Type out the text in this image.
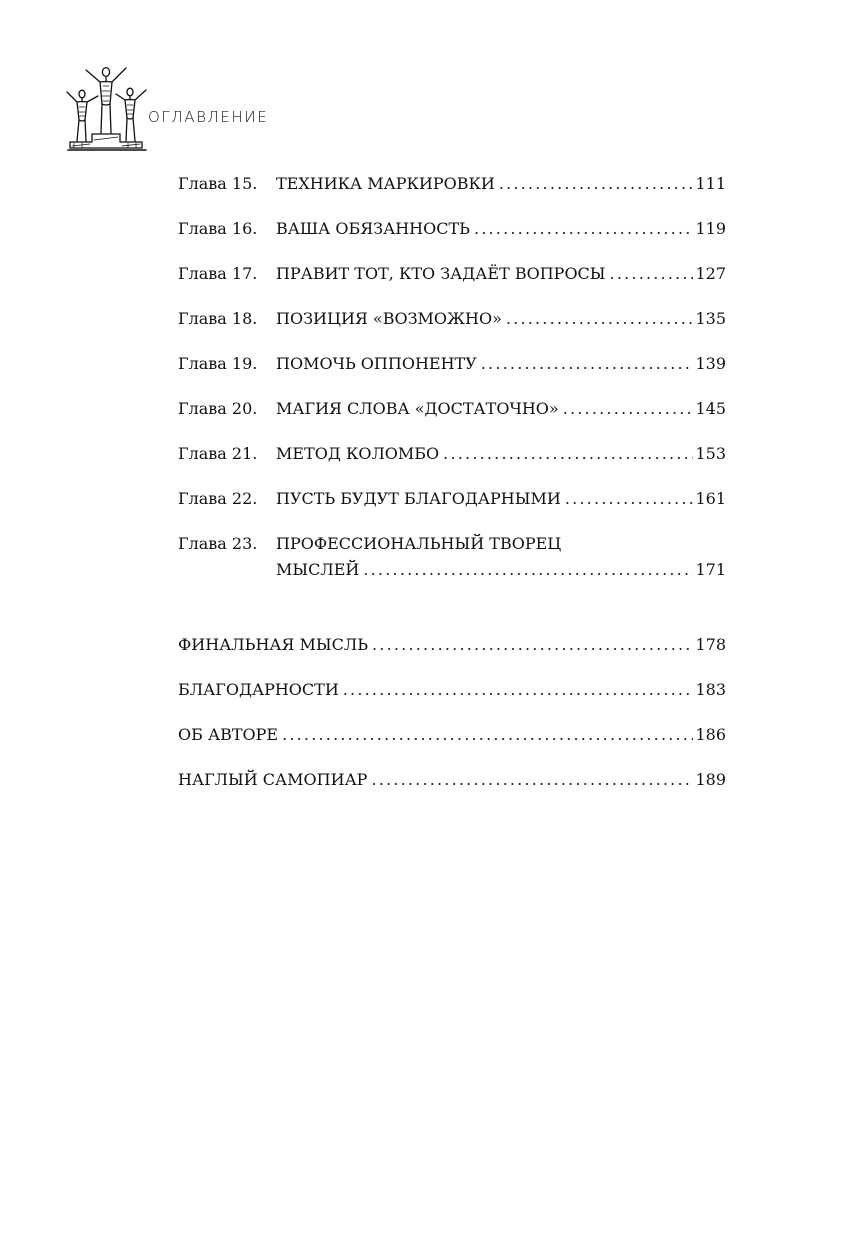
ОГЛАВЛЕНИЕ
Глава 15.	ТЕХНИКА МАРКИРОВКИ .....	111
Глава 16.	ВАША ОБЯЗАННОСТЬ .....	119
Глава 17.	ПРАВИТ ТОТ, КТО ЗАДАЁТ ВОПРОСЫ .....	127
Глава 18.	ПОЗИЦИЯ «ВОЗМОЖНО» .....	135
Глава 19.	ПОМОЧЬ ОППОНЕНТУ .....	139
Глава 20.	МАГИЯ СЛОВА «ДОСТАТОЧНО» .....	145
Глава 21.	МЕТОД КОЛОМБО .....	153
Глава 22.	ПУСТЬ БУДУТ БЛАГОДАРНЫМИ .....	161
Глава 23.	ПРОФЕССИОНАЛЬНЫЙ ТВОРЕЦ
МЫСЛЕЙ .....	171
ФИНАЛЬНАЯ МЫСЛЬ .....	178
БЛАГОДАРНОСТИ .....	183
ОБ АВТОРЕ .....	186
НАГЛЫЙ САМОПИАР .....	189
